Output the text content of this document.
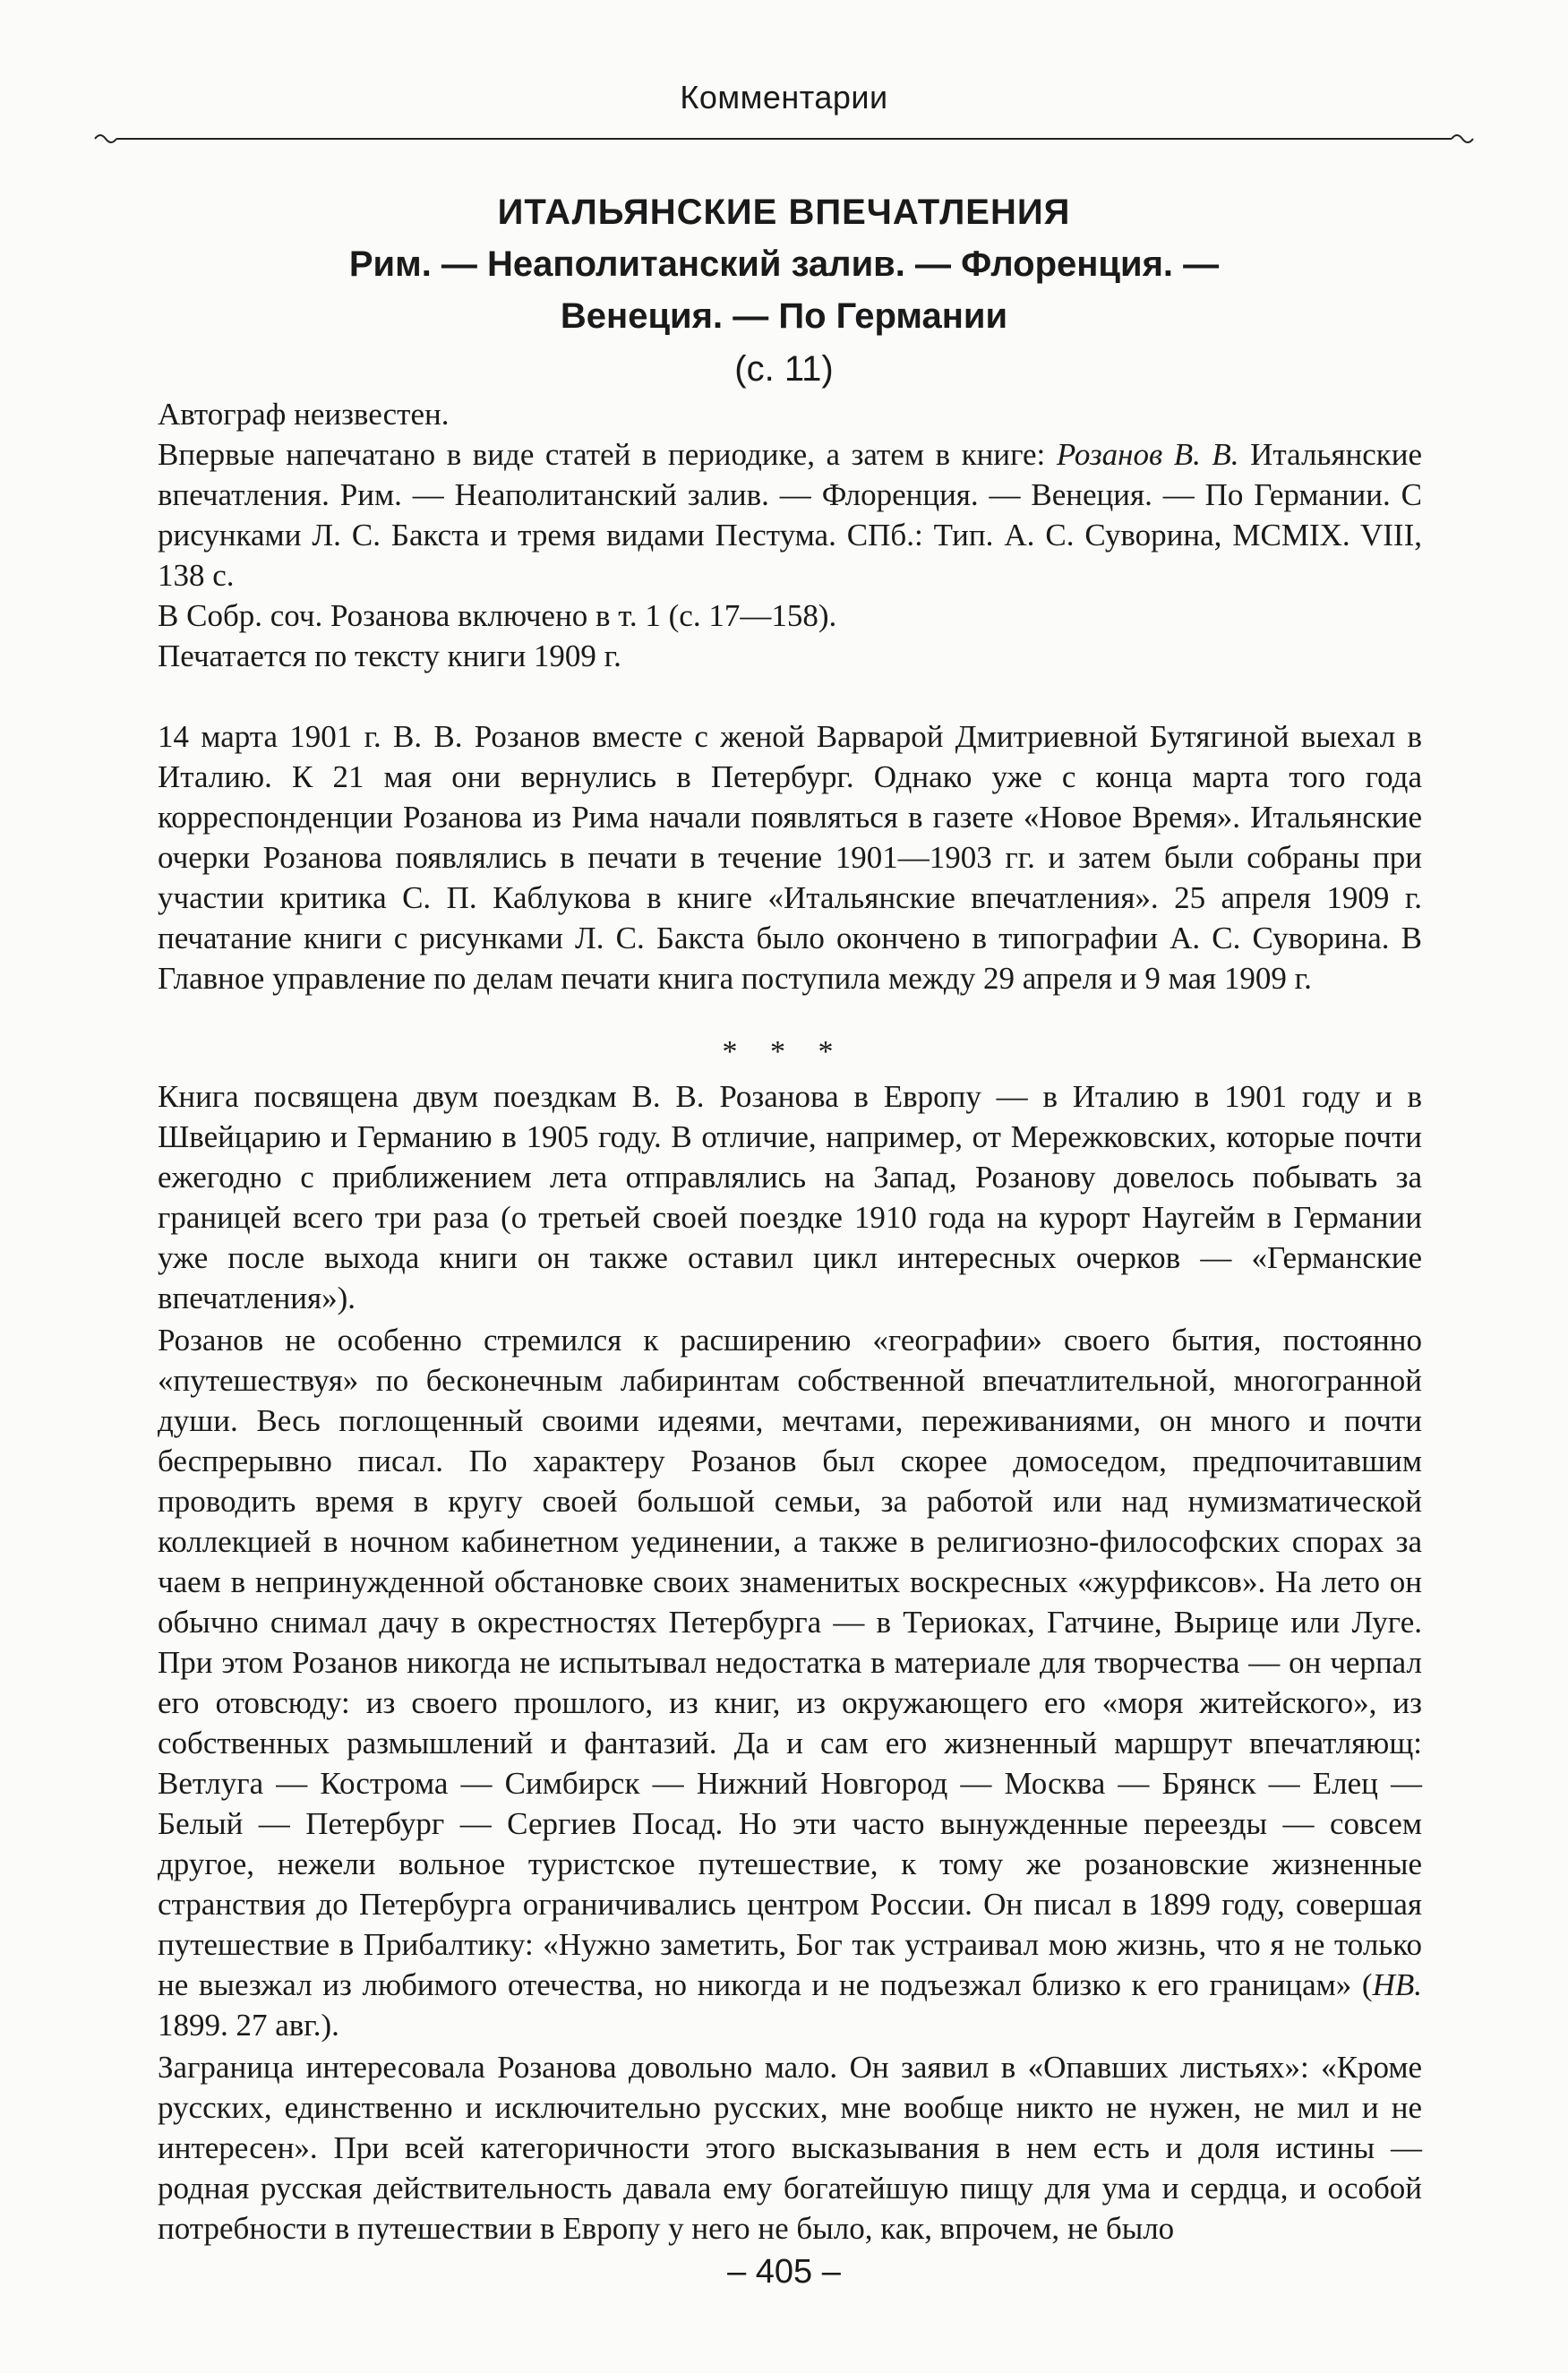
Комментарии
ИТАЛЬЯНСКИЕ ВПЕЧАТЛЕНИЯ
Рим. — Неаполитанский залив. — Флоренция. —
Венеция. — По Германии
(с. 11)

Автограф неизвестен.

Впервые напечатано в виде статей в периодике, а затем в книге: Розанов В. В. Итальянские впечатления. Рим. — Неаполитанский залив. — Флоренция. — Венеция. — По Германии. С рисунками Л. С. Бакста и тремя видами Пестума. СПб.: Тип. А. С. Суворина, MCMIX. VIII, 138 с.

В Собр. соч. Розанова включено в т. 1 (с. 17—158).

Печатается по тексту книги 1909 г.

14 марта 1901 г. В. В. Розанов вместе с женой Варварой Дмитриевной Бутягиной выехал в Италию. К 21 мая они вернулись в Петербург. Однако уже с конца марта того года корреспонденции Розанова из Рима начали появляться в газете «Новое Время». Итальянские очерки Розанова появлялись в печати в течение 1901—1903 гг. и затем были собраны при участии критика С. П. Каблукова в книге «Итальянские впечатления». 25 апреля 1909 г. печатание книги с рисунками Л. С. Бакста было окончено в типографии А. С. Суворина. В Главное управление по делам печати книга поступила между 29 апреля и 9 мая 1909 г.

* * *

Книга посвящена двум поездкам В. В. Розанова в Европу — в Италию в 1901 году и в Швейцарию и Германию в 1905 году. В отличие, например, от Мережковских, которые почти ежегодно с приближением лета отправлялись на Запад, Розанову довелось побывать за границей всего три раза (о третьей своей поездке 1910 года на курорт Наугейм в Германии уже после выхода книги он также оставил цикл интересных очерков — «Германские впечатления»).

Розанов не особенно стремился к расширению «географии» своего бытия, постоянно «путешествуя» по бесконечным лабиринтам собственной впечатлительной, многогранной души. Весь поглощенный своими идеями, мечтами, переживаниями, он много и почти беспрерывно писал. По характеру Розанов был скорее домоседом, предпочитавшим проводить время в кругу своей большой семьи, за работой или над нумизматической коллекцией в ночном кабинетном уединении, а также в религиозно-философских спорах за чаем в непринужденной обстановке своих знаменитых воскресных «журфиксов». На лето он обычно снимал дачу в окрестностях Петербурга — в Териоках, Гатчине, Вырице или Луге. При этом Розанов никогда не испытывал недостатка в материале для творчества — он черпал его отовсюду: из своего прошлого, из книг, из окружающего его «моря житейского», из собственных размышлений и фантазий. Да и сам его жизненный маршрут впечатляющ: Ветлуга — Кострома — Симбирск — Нижний Новгород — Москва — Брянск — Елец — Белый — Петербург — Сергиев Посад. Но эти часто вынужденные переезды — совсем другое, нежели вольное туристское путешествие, к тому же розановские жизненные странствия до Петербурга ограничивались центром России. Он писал в 1899 году, совершая путешествие в Прибалтику: «Нужно заметить, Бог так устраивал мою жизнь, что я не только не выезжал из любимого отечества, но никогда и не подъезжал близко к его границам» (НВ. 1899. 27 авг.).

Заграница интересовала Розанова довольно мало. Он заявил в «Опавших листьях»: «Кроме русских, единственно и исключительно русских, мне вообще никто не нужен, не мил и не интересен». При всей категоричности этого высказывания в нем есть и доля истины — родная русская действительность давала ему богатейшую пищу для ума и сердца, и особой потребности в путешествии в Европу у него не было, как, впрочем, не было

– 405 –
